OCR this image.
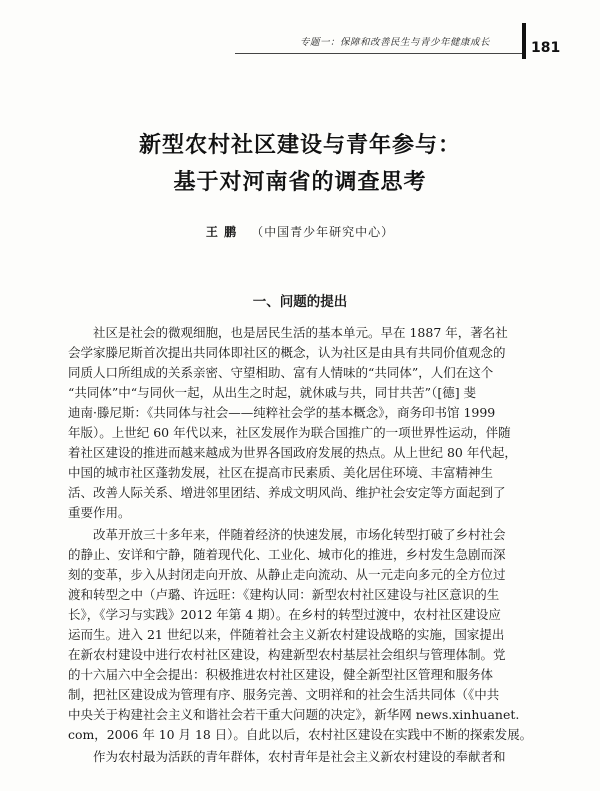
专题一：保障和改善民生与青少年健康成长	181
新型农村社区建设与青年参与：
基于对河南省的调查思考
王 鹏 （中国青少年研究中心）
一、问题的提出
　　社区是社会的微观细胞，也是居民生活的基本单元。早在 1887 年，著名社
会学家滕尼斯首次提出共同体即社区的概念，认为社区是由具有共同价值观念的
同质人口所组成的关系亲密、守望相助、富有人情味的“共同体”，人们在这个
“共同体”中“与同伙一起，从出生之时起，就休戚与共，同甘共苦”（[德] 斐
迪南·滕尼斯：《共同体与社会——纯粹社会学的基本概念》，商务印书馆 1999
年版）。上世纪 60 年代以来，社区发展作为联合国推广的一项世界性运动，伴随
着社区建设的推进而越来越成为世界各国政府发展的热点。从上世纪 80 年代起，
中国的城市社区蓬勃发展，社区在提高市民素质、美化居住环境、丰富精神生
活、改善人际关系、增进邻里团结、养成文明风尚、维护社会安定等方面起到了
重要作用。
　　改革开放三十多年来，伴随着经济的快速发展，市场化转型打破了乡村社会
的静止、安详和宁静，随着现代化、工业化、城市化的推进，乡村发生急剧而深
刻的变革，步入从封闭走向开放、从静止走向流动、从一元走向多元的全方位过
渡和转型之中（卢璐、许远旺：《建构认同：新型农村社区建设与社区意识的生
长》，《学习与实践》2012 年第 4 期）。在乡村的转型过渡中，农村社区建设应
运而生。进入 21 世纪以来，伴随着社会主义新农村建设战略的实施，国家提出
在新农村建设中进行农村社区建设，构建新型农村基层社会组织与管理体制。党
的十六届六中全会提出：积极推进农村社区建设，健全新型社区管理和服务体
制，把社区建设成为管理有序、服务完善、文明祥和的社会生活共同体（《中共
中央关于构建社会主义和谐社会若干重大问题的决定》，新华网 news.xinhuanet.
com，2006 年 10 月 18 日）。自此以后，农村社区建设在实践中不断的探索发展。
　　作为农村最为活跃的青年群体，农村青年是社会主义新农村建设的奉献者和
